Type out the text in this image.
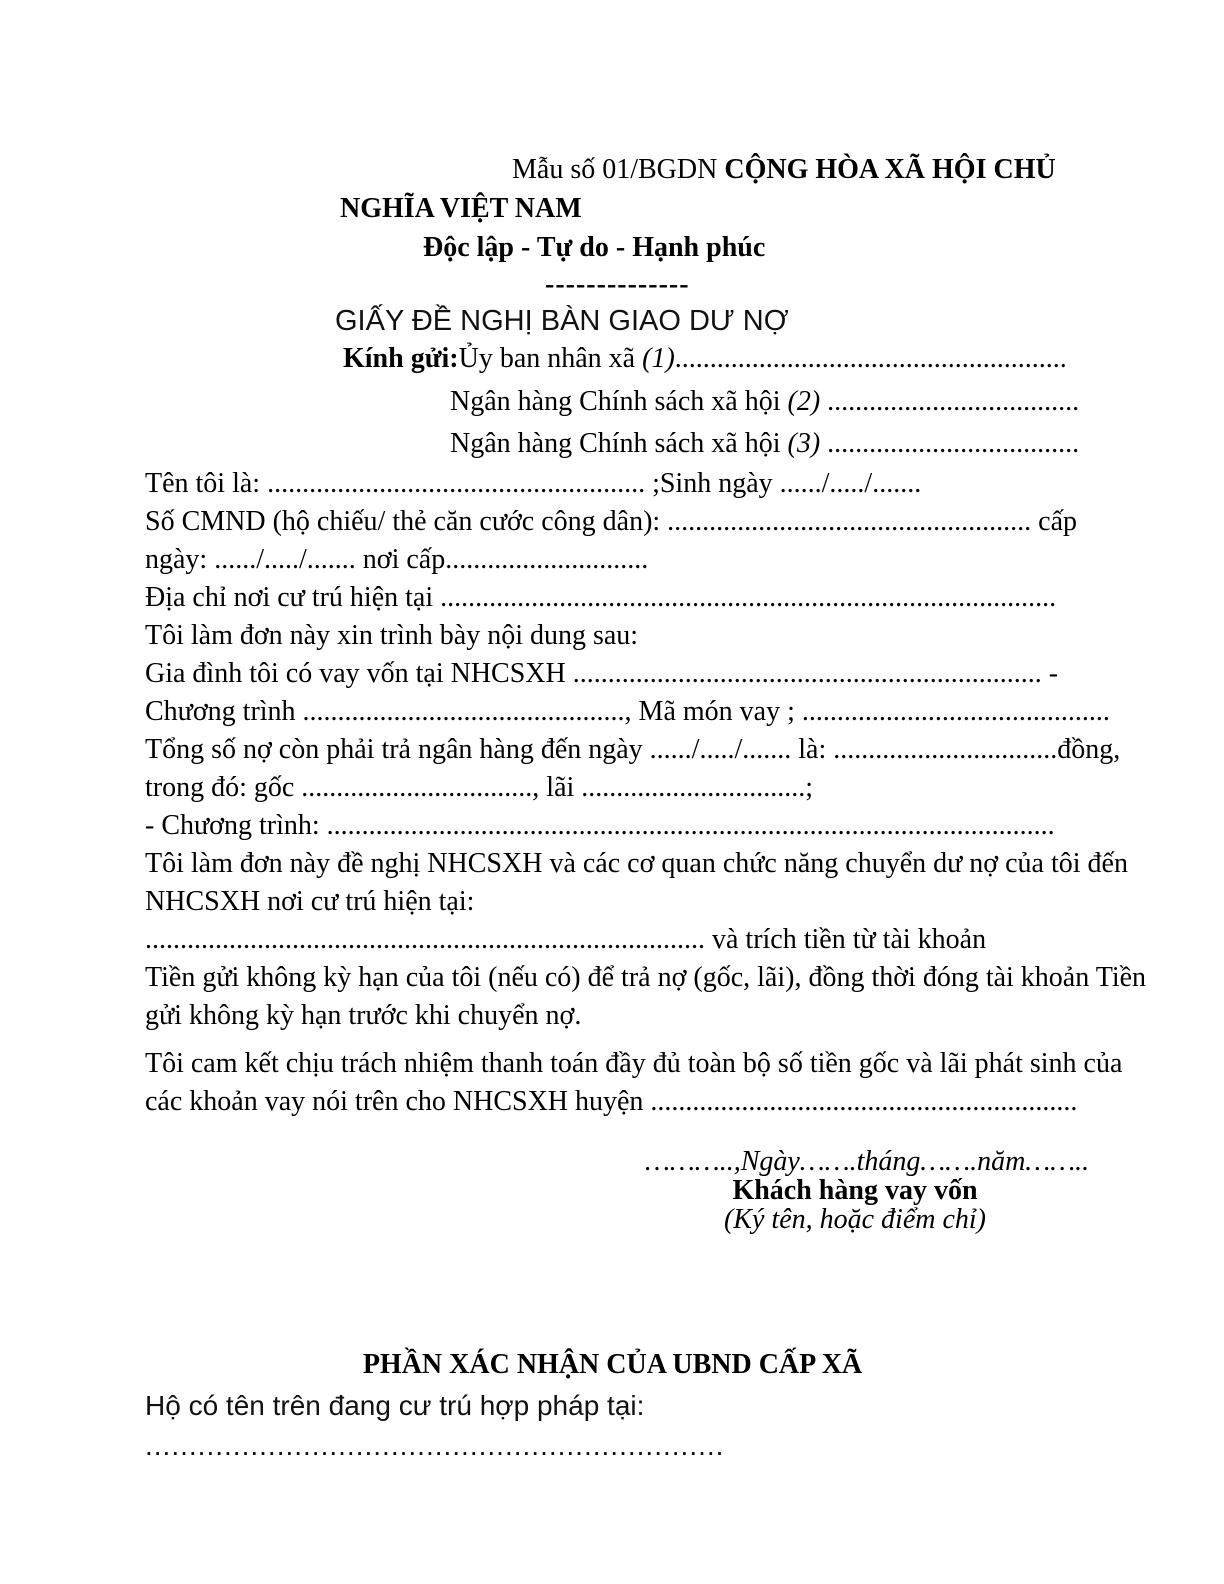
Mẫu số 01/BGDN CỘNG HÒA XÃ HỘI CHỦ
NGHĨA VIỆT NAM
Độc lập - Tự do - Hạnh phúc
--------------
GIẤY ĐỀ NGHỊ BÀN GIAO DƯ NỢ
Kính gửi:Ủy ban nhân xã (1)........................................................
Ngân hàng Chính sách xã hội (2) ....................................
Ngân hàng Chính sách xã hội (3) ....................................
Tên tôi là: ...................................................... ;Sinh ngày ....../...../.......
Số CMND (hộ chiếu/ thẻ căn cước công dân): .................................................... cấp
ngày: ....../...../....... nơi cấp.............................
Địa chỉ nơi cư trú hiện tại ........................................................................................
Tôi làm đơn này xin trình bày nội dung sau:
Gia đình tôi có vay vốn tại NHCSXH ................................................................... -
Chương trình .............................................., Mã món vay ; ............................................
Tổng số nợ còn phải trả ngân hàng đến ngày ....../...../....... là: ................................đồng,
trong đó: gốc ................................., lãi ................................;
- Chương trình: ........................................................................................................
Tôi làm đơn này đề nghị NHCSXH và các cơ quan chức năng chuyển dư nợ của tôi đến
NHCSXH nơi cư trú hiện tại:
................................................................................ và trích tiền từ tài khoản
Tiền gửi không kỳ hạn của tôi (nếu có) để trả nợ (gốc, lãi), đồng thời đóng tài khoản Tiền
gửi không kỳ hạn trước khi chuyển nợ.
Tôi cam kết chịu trách nhiệm thanh toán đầy đủ toàn bộ số tiền gốc và lãi phát sinh của
các khoản vay nói trên cho NHCSXH huyện .............................................................
………..,Ngày…….tháng…….năm……..
Khách hàng vay vốn
(Ký tên, hoặc điểm chỉ)
PHẦN XÁC NHẬN CỦA UBND CẤP XÃ
Hộ có tên trên đang cư trú hợp pháp tại:
..................................................................
